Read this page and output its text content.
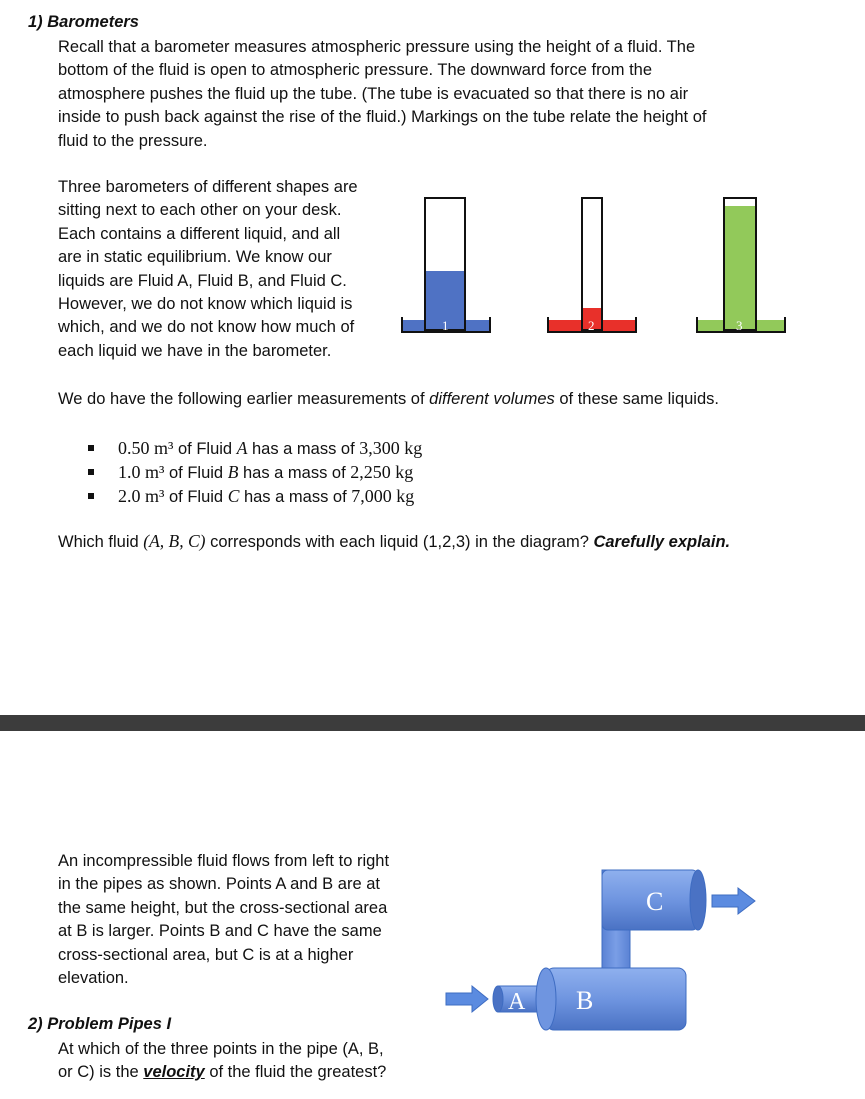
1) Barometers
Recall that a barometer measures atmospheric pressure using the height of a fluid. The
bottom of the fluid is open to atmospheric pressure. The downward force from the
atmosphere pushes the fluid up the tube. (The tube is evacuated so that there is no air
inside to push back against the rise of the fluid.) Markings on the tube relate the height of
fluid to the pressure.
Three barometers of different shapes are
sitting next to each other on your desk.
Each contains a different liquid, and all
are in static equilibrium. We know our
liquids are Fluid A, Fluid B, and Fluid C.
However, we do not know which liquid is
which, and we do not know how much of
each liquid we have in the barometer.
1	2	3
We do have the following earlier measurements of different volumes of these same liquids.
0.50 m³ of Fluid A has a mass of 3,300 kg
1.0 m³ of Fluid B has a mass of 2,250 kg
2.0 m³ of Fluid C has a mass of 7,000 kg
Which fluid (A, B, C) corresponds with each liquid (1,2,3) in the diagram? Carefully explain.
An incompressible fluid flows from left to right
in the pipes as shown. Points A and B are at
the same height, but the cross-sectional area
at B is larger. Points B and C have the same
cross-sectional area, but C is at a higher
elevation.
C
A B
2) Problem Pipes I
At which of the three points in the pipe (A, B,
or C) is the velocity of the fluid the greatest?
